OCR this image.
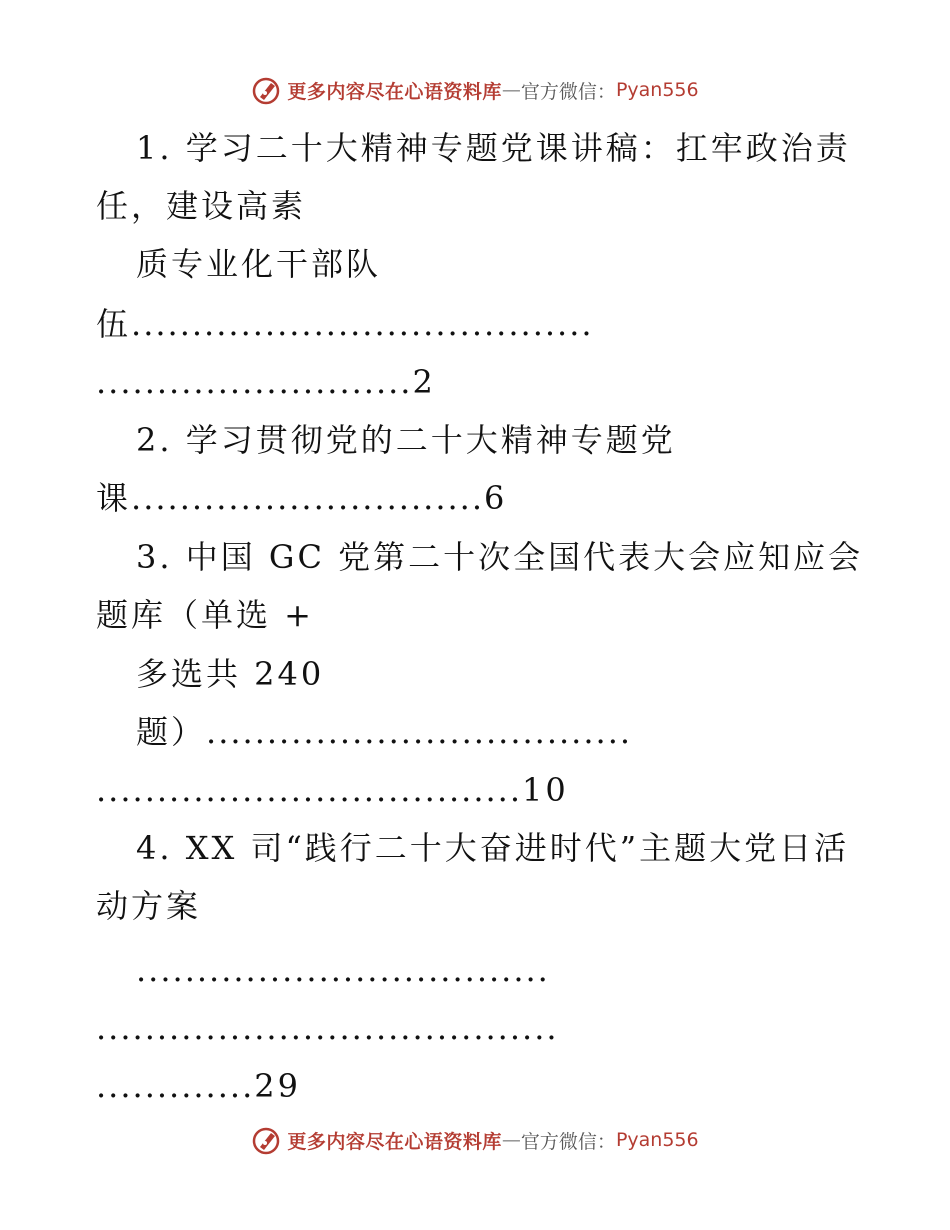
更多内容尽在心语资料库 — 官方微信： Pyan556
1. 学习二十大精神专题党课讲稿：扛牢政治责
任，建设高素
质专业化干部队
伍......................................
..........................2
2. 学习贯彻党的二十大精神专题党
课.............................6
3. 中国 GC 党第二十次全国代表大会应知应会
题库（单选 +
多选共 240
题）...................................
...................................10
4. XX 司“践行二十大奋进时代”主题大党日活
动方案
..................................
......................................
.............29
更多内容尽在心语资料库 — 官方微信： Pyan556
